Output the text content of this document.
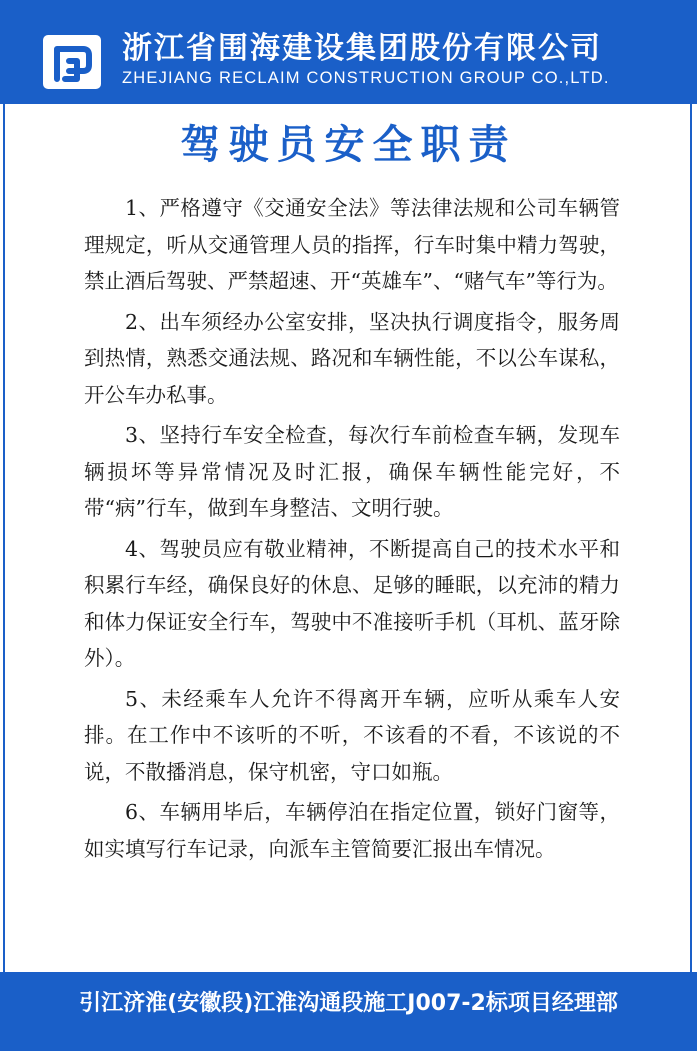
浙江省围海建设集团股份有限公司
ZHEJIANG RECLAIM CONSTRUCTION GROUP CO.,LTD.
驾驶员安全职责

1、严格遵守《交通安全法》等法律法规和公司车辆管理规定，听从交通管理人员的指挥，行车时集中精力驾驶，禁止酒后驾驶、严禁超速、开“英雄车”、“赌气车”等行为。

2、出车须经办公室安排，坚决执行调度指令，服务周到热情，熟悉交通法规、路况和车辆性能，不以公车谋私，开公车办私事。

3、坚持行车安全检查，每次行车前检查车辆，发现车辆损坏等异常情况及时汇报，确保车辆性能完好，不带“病”行车，做到车身整洁、文明行驶。

4、驾驶员应有敬业精神，不断提高自己的技术水平和积累行车经，确保良好的休息、足够的睡眠，以充沛的精力和体力保证安全行车，驾驶中不准接听手机（耳机、蓝牙除外）。

5、未经乘车人允许不得离开车辆，应听从乘车人安排。在工作中不该听的不听，不该看的不看，不该说的不说，不散播消息，保守机密，守口如瓶。

6、车辆用毕后，车辆停泊在指定位置，锁好门窗等，如实填写行车记录，向派车主管简要汇报出车情况。

引江济淮(安徽段)江淮沟通段施工J007-2标项目经理部
